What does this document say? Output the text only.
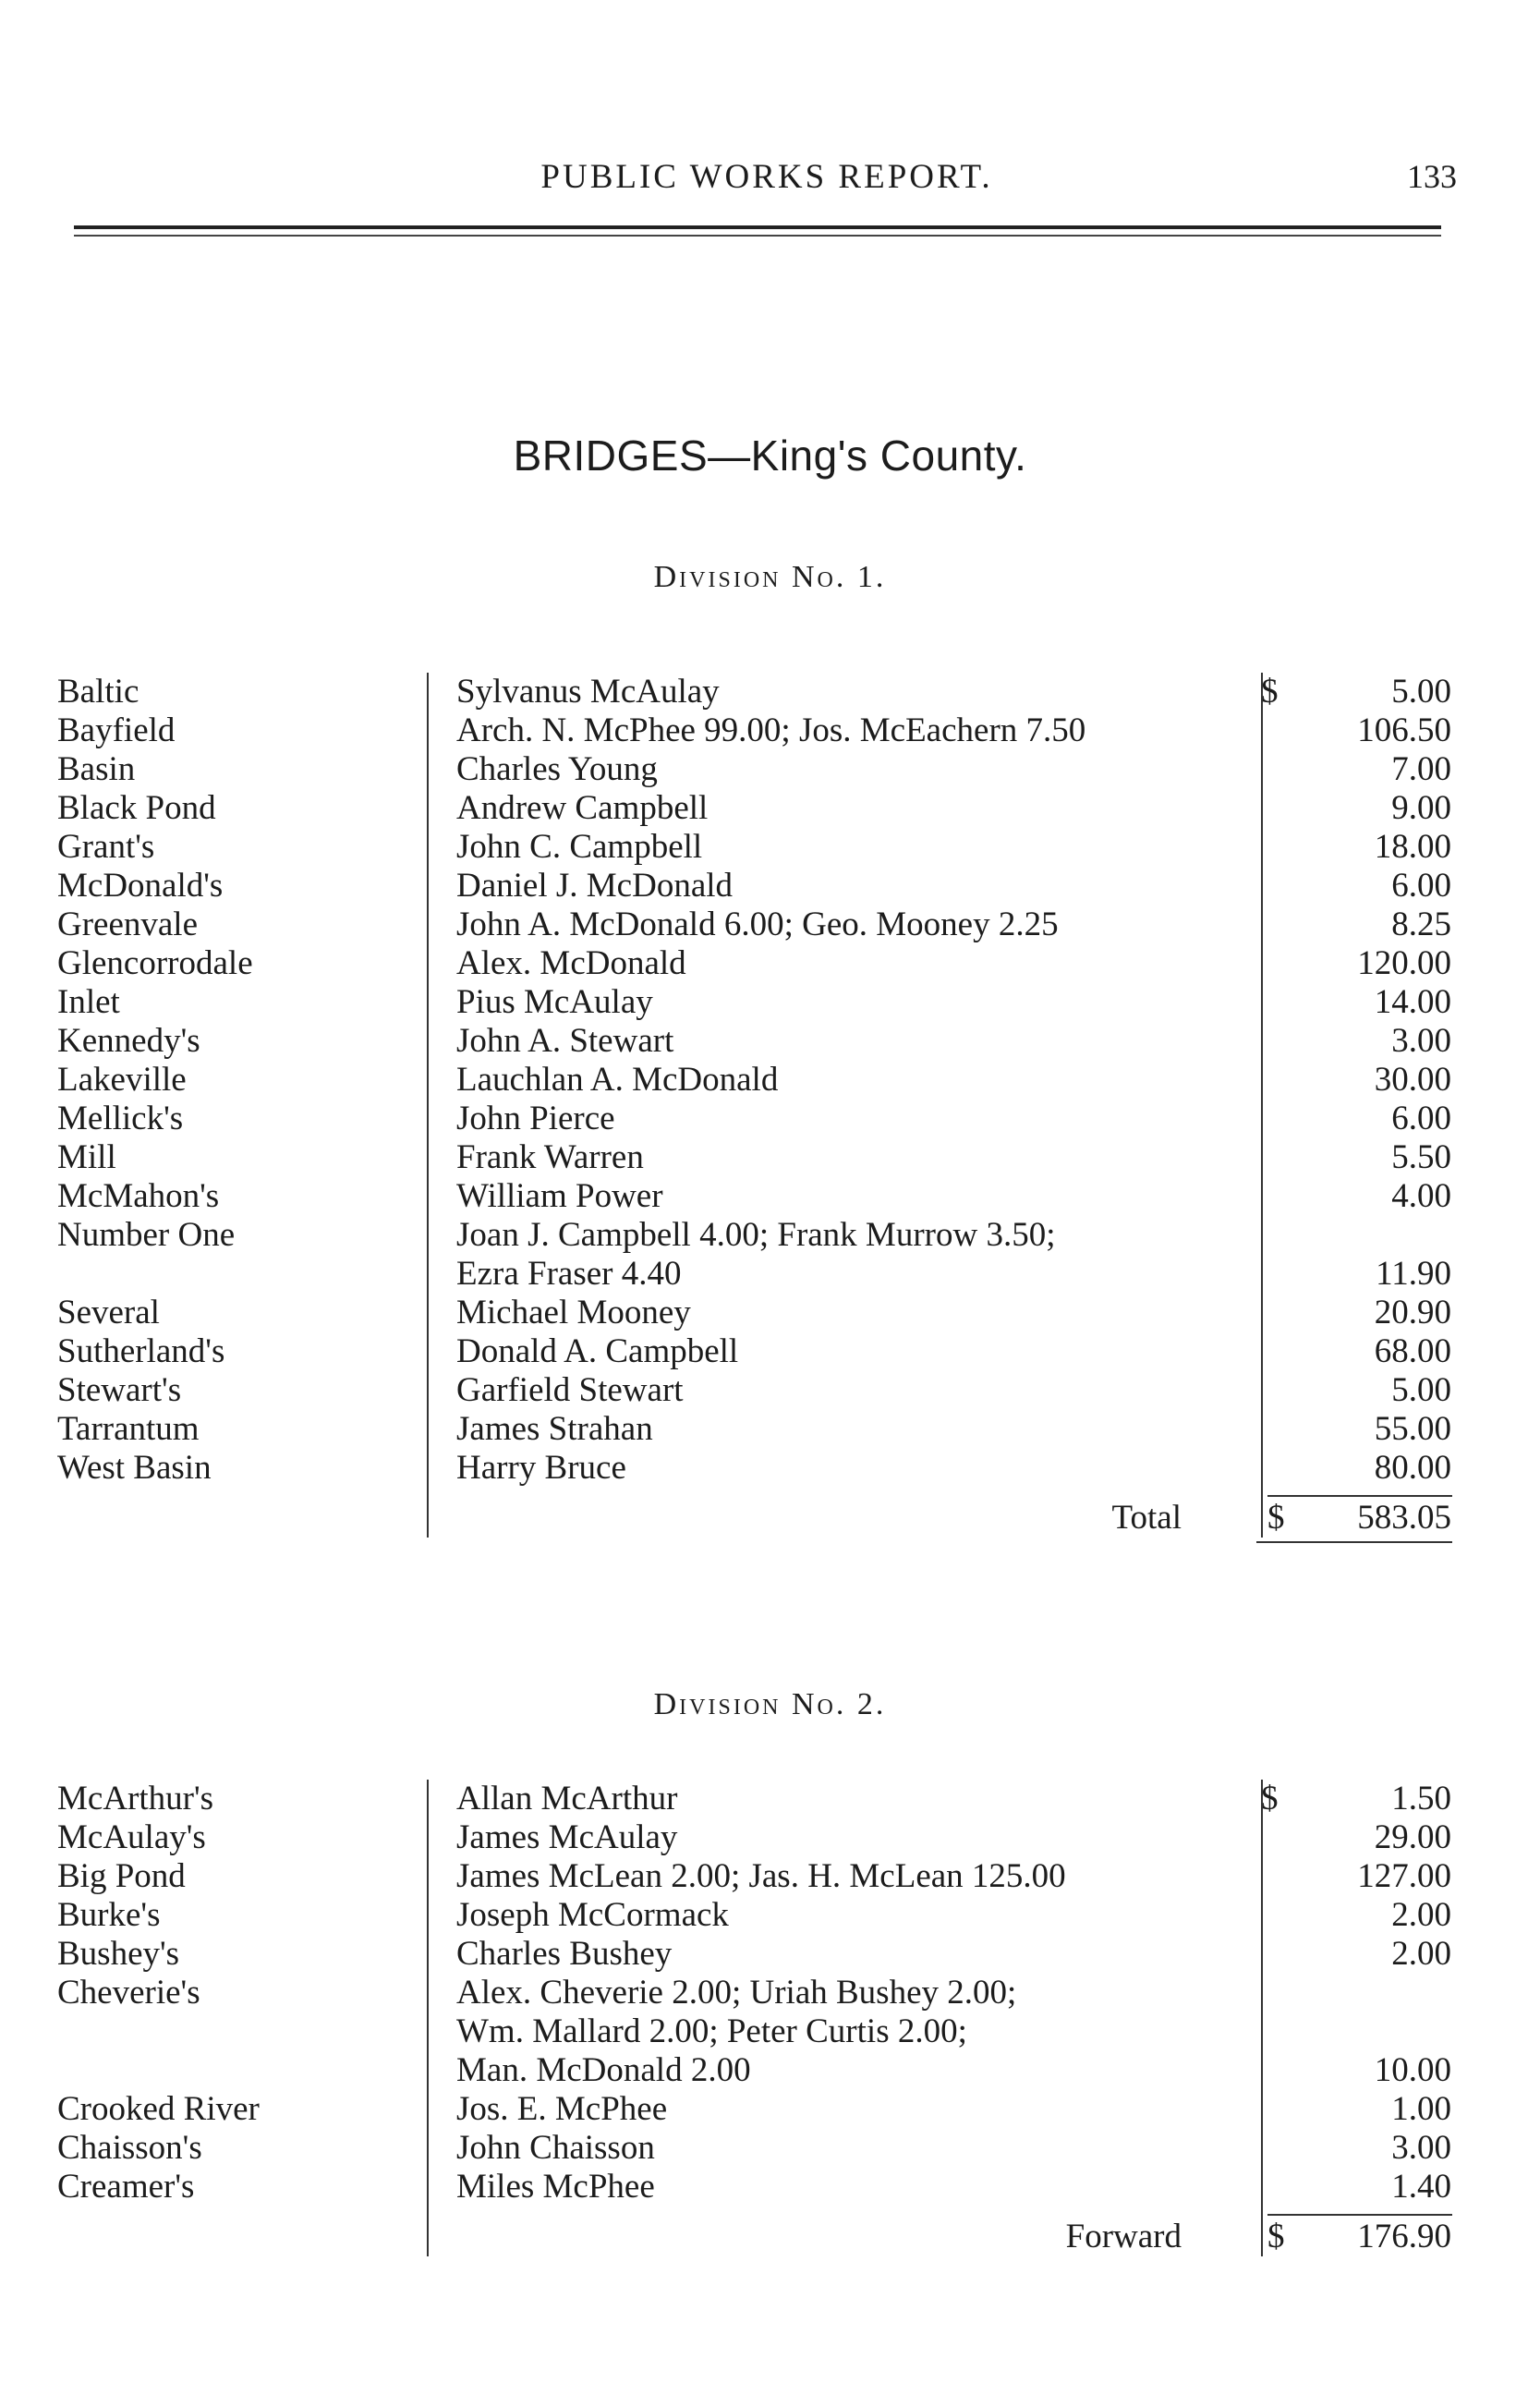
PUBLIC WORKS REPORT.	133
BRIDGES—King's County.
Division No. 1.
Baltic	Sylvanus McAulay	$	5.00
Bayfield	Arch. N. McPhee 99.00; Jos. McEachern 7.50	106.50
Basin	Charles Young	7.00
Black Pond	Andrew Campbell	9.00
Grant's	John C. Campbell	18.00
McDonald's	Daniel J. McDonald	6.00
Greenvale	John A. McDonald 6.00; Geo. Mooney 2.25	8.25
Glencorrodale	Alex. McDonald	120.00
Inlet	Pius McAulay	14.00
Kennedy's	John A. Stewart	3.00
Lakeville	Lauchlan A. McDonald	30.00
Mellick's	John Pierce	6.00
Mill	Frank Warren	5.50
McMahon's	William Power	4.00
Number One	Joan J. Campbell 4.00; Frank Murrow 3.50;
Ezra Fraser 4.40	11.90
Several	Michael Mooney	20.90
Sutherland's	Donald A. Campbell	68.00
Stewart's	Garfield Stewart	5.00
Tarrantum	James Strahan	55.00
West Basin	Harry Bruce	80.00
Total	$ 583.05
Division No. 2.
McArthur's	Allan McArthur	$	1.50
McAulay's	James McAulay	29.00
Big Pond	James McLean 2.00; Jas. H. McLean 125.00	127.00
Burke's	Joseph McCormack	2.00
Bushey's	Charles Bushey	2.00
Cheverie's	Alex. Cheverie 2.00; Uriah Bushey 2.00;
Wm. Mallard 2.00; Peter Curtis 2.00;
Man. McDonald 2.00	10.00
Crooked River	Jos. E. McPhee	1.00
Chaisson's	John Chaisson	3.00
Creamer's	Miles McPhee	1.40
Forward	$ 176.90
